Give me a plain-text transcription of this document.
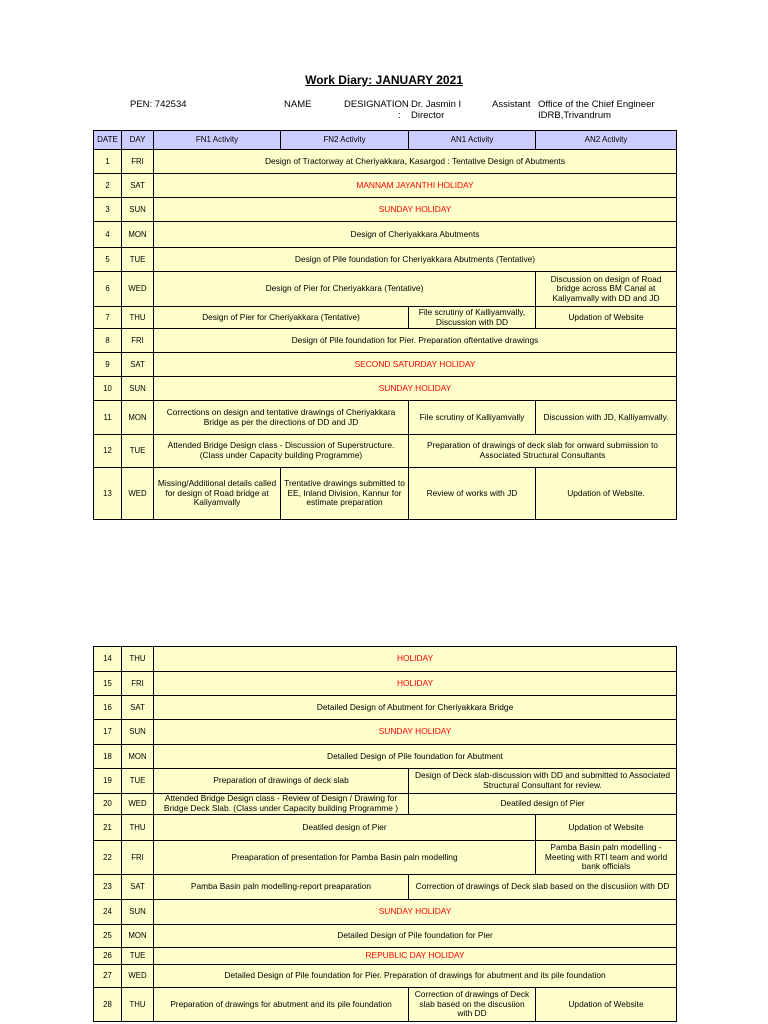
Work Diary: JANUARY 2021
PEN: 742534	NAME	DESIGNATION
:
Dr. Jasmin I
Director
Assistant Office of the Chief Engineer
IDRB,Trivandrum
DATE	DAY	FN1 Activity	FN2 Activity	AN1 Activity	AN2 Activity
1	FRI	Design of Tractorway at Cheriyakkara, Kasargod : Tentative Design of Abutments			
2	SAT	MANNAM JAYANTHI HOLIDAY			
3	SUN	SUNDAY HOLIDAY			
4	MON	Design of Cheriyakkara Abutments			
5	TUE	Design of Pile foundation for Cheriyakkara Abutments (Tentative)			
6	WED	Design of Pier for Cheriyakkara (Tentative)			Discussion on design of Road bridge across BM Canal at Kaliyamvally with DD and JD
7	THU	Design of Pier for Cheriyakkara (Tentative)		File scrutiny of Kalliyamvally, Discussion with DD	Updation of Website
8	FRI	Design of Pile foundation for Pier. Preparation oftentative drawings			
9	SAT	SECOND SATURDAY HOLIDAY			
10	SUN	SUNDAY HOLIDAY			
11	MON	Corrections on design and tentative drawings of Cheriyakkara Bridge as per the directions of DD and JD		File scrutiny of Kalliyamvally	Discussion with JD, Kalliyamvally.
12	TUE	Attended Bridge Design class - Discussion of Superstructure. (Class under Capacity building Programme)		Preparation of drawings of deck slab for onward submission to Associated Structural Consultants	
13	WED	Missing/Additional details called for design of Road bridge at Kaliyamvally	Trentative drawings submitted to EE, Inland Division, Kannur for estimate preparation	Review of works with JD	Updation of Website.
14	THU	HOLIDAY		
15	FRI	HOLIDAY		
16	SAT	Detailed Design of Abutment for Cheriyakkara Bridge		
17	SUN	SUNDAY HOLIDAY		
18	MON	Detailed Design of Pile foundation for Abutment		
19	TUE	Preparation of drawings of deck slab	Design of Deck slab-discussion with DD and submitted to Associated Structural Consultant for review.	
20	WED	Attended Bridge Design class - Review of Design / Drawing for Bridge Deck Slab. (Class under Capacity building Programme )	Deatiled design of Pier	
21	THU	Deatiled design of Pier		Updation of Website
22	FRI	Preaparation of presentation for Pamba Basin paln modelling		Pamba Basin paln modelling - Meeting with RTI team and world bank officials
23	SAT	Pamba Basin paln modelling-report preaparation	Correction of drawings of Deck slab based on the discusiion with DD	
24	SUN	SUNDAY HOLIDAY		
25	MON	Detailed Design of Pile foundation for Pier		
26	TUE	REPUBLIC DAY HOLIDAY		
27	WED	Detailed Design of Pile foundation for Pier. Preparation of drawings for abutment and its pile foundation		
28	THU	Preparation of drawings for abutment and its pile foundation	Correction of drawings of Deck slab based on the discusiion with DD	Updation of Website
